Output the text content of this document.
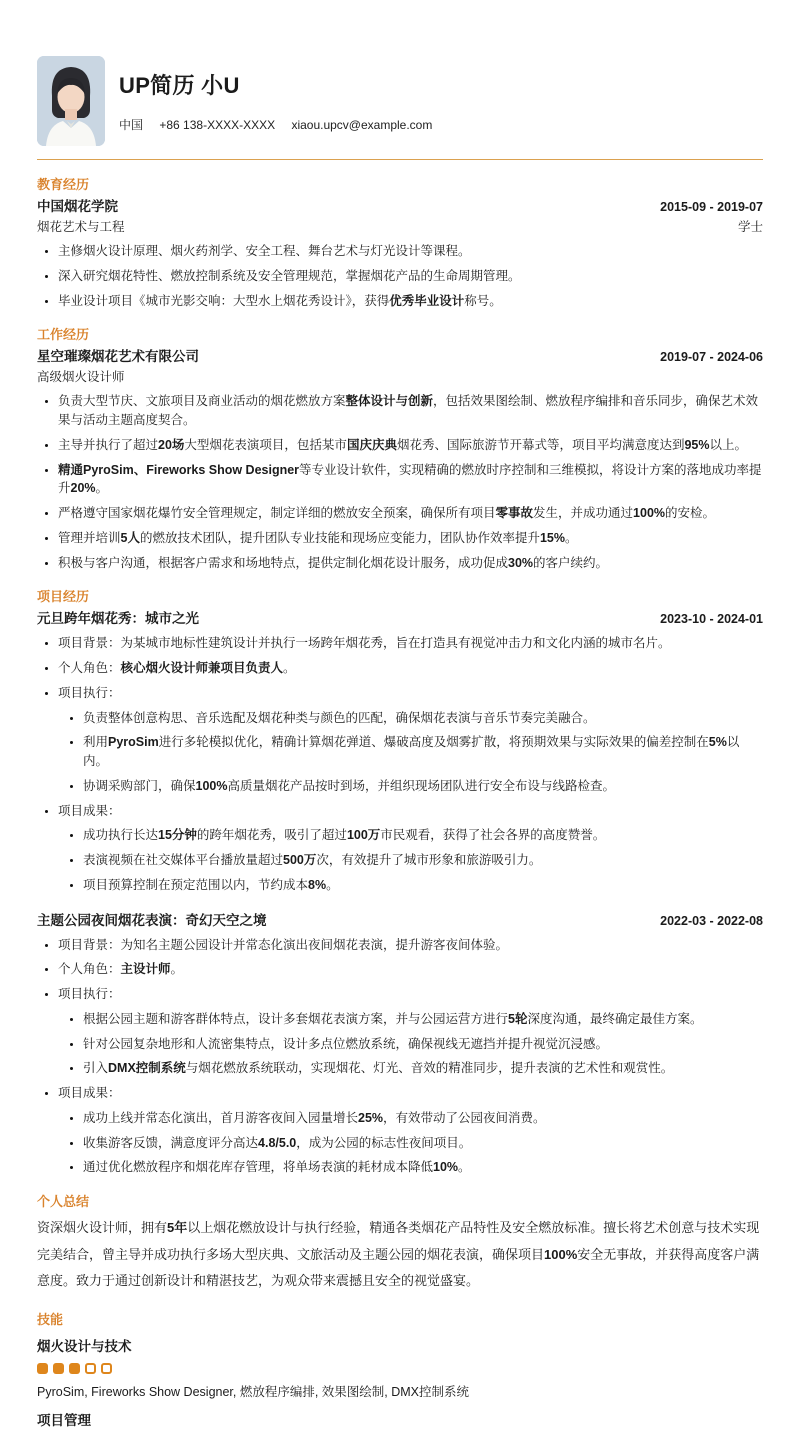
UP简历 小U
中国 +86 138-XXXX-XXXX xiaou.upcv@example.com
教育经历
中国烟花学院	2015-09 - 2019-07
烟花艺术与工程	学士
• 主修烟火设计原理、烟火药剂学、安全工程、舞台艺术与灯光设计等课程。
• 深入研究烟花特性、燃放控制系统及安全管理规范，掌握烟花产品的生命周期管理。
• 毕业设计项目《城市光影交响：大型水上烟花秀设计》，获得优秀毕业设计称号。
工作经历
星空璀璨烟花艺术有限公司	2019-07 - 2024-06
高级烟火设计师
• 负责大型节庆、文旅项目及商业活动的烟花燃放方案整体设计与创新，包括效果图绘制、燃放程序编排和音乐同步，确保艺术效果与活动主题高度契合。
• 主导并执行了超过20场大型烟花表演项目，包括某市国庆庆典烟花秀、国际旅游节开幕式等，项目平均满意度达到95%以上。
• 精通PyroSim、Fireworks Show Designer等专业设计软件，实现精确的燃放时序控制和三维模拟，将设计方案的落地成功率提升20%。
• 严格遵守国家烟花爆竹安全管理规定，制定详细的燃放安全预案，确保所有项目零事故发生，并成功通过100%的安检。
• 管理并培训5人的燃放技术团队，提升团队专业技能和现场应变能力，团队协作效率提升15%。
• 积极与客户沟通，根据客户需求和场地特点，提供定制化烟花设计服务，成功促成30%的客户续约。
项目经历
元旦跨年烟花秀：城市之光	2023-10 - 2024-01
• 项目背景：为某城市地标性建筑设计并执行一场跨年烟花秀，旨在打造具有视觉冲击力和文化内涵的城市名片。
• 个人角色：核心烟火设计师兼项目负责人。
• 项目执行：
• 负责整体创意构思、音乐选配及烟花种类与颜色的匹配，确保烟花表演与音乐节奏完美融合。
• 利用PyroSim进行多轮模拟优化，精确计算烟花弹道、爆破高度及烟雾扩散，将预期效果与实际效果的偏差控制在5%以内。
• 协调采购部门，确保100%高质量烟花产品按时到场，并组织现场团队进行安全布设与线路检查。
• 项目成果：
• 成功执行长达15分钟的跨年烟花秀，吸引了超过100万市民观看，获得了社会各界的高度赞誉。
• 表演视频在社交媒体平台播放量超过500万次，有效提升了城市形象和旅游吸引力。
• 项目预算控制在预定范围以内，节约成本8%。
主题公园夜间烟花表演：奇幻天空之境	2022-03 - 2022-08
• 项目背景：为知名主题公园设计并常态化演出夜间烟花表演，提升游客夜间体验。
• 个人角色：主设计师。
• 项目执行：
• 根据公园主题和游客群体特点，设计多套烟花表演方案，并与公园运营方进行5轮深度沟通，最终确定最佳方案。
• 针对公园复杂地形和人流密集特点，设计多点位燃放系统，确保视线无遮挡并提升视觉沉浸感。
• 引入DMX控制系统与烟花燃放系统联动，实现烟花、灯光、音效的精准同步，提升表演的艺术性和观赏性。
• 项目成果：
• 成功上线并常态化演出，首月游客夜间入园量增长25%，有效带动了公园夜间消费。
• 收集游客反馈，满意度评分高达4.8/5.0，成为公园的标志性夜间项目。
• 通过优化燃放程序和烟花库存管理，将单场表演的耗材成本降低10%。
个人总结

资深烟火设计师，拥有5年以上烟花燃放设计与执行经验，精通各类烟花产品特性及安全燃放标准。擅长将艺术创意与技术实现完美结合，曾主导并成功执行多场大型庆典、文旅活动及主题公园的烟花表演，确保项目100%安全无事故，并获得高度客户满意度。致力于通过创新设计和精湛技艺，为观众带来震撼且安全的视觉盛宴。

技能
烟火设计与技术
PyroSim, Fireworks Show Designer, 燃放程序编排, 效果图绘制, DMX控制系统
项目管理
